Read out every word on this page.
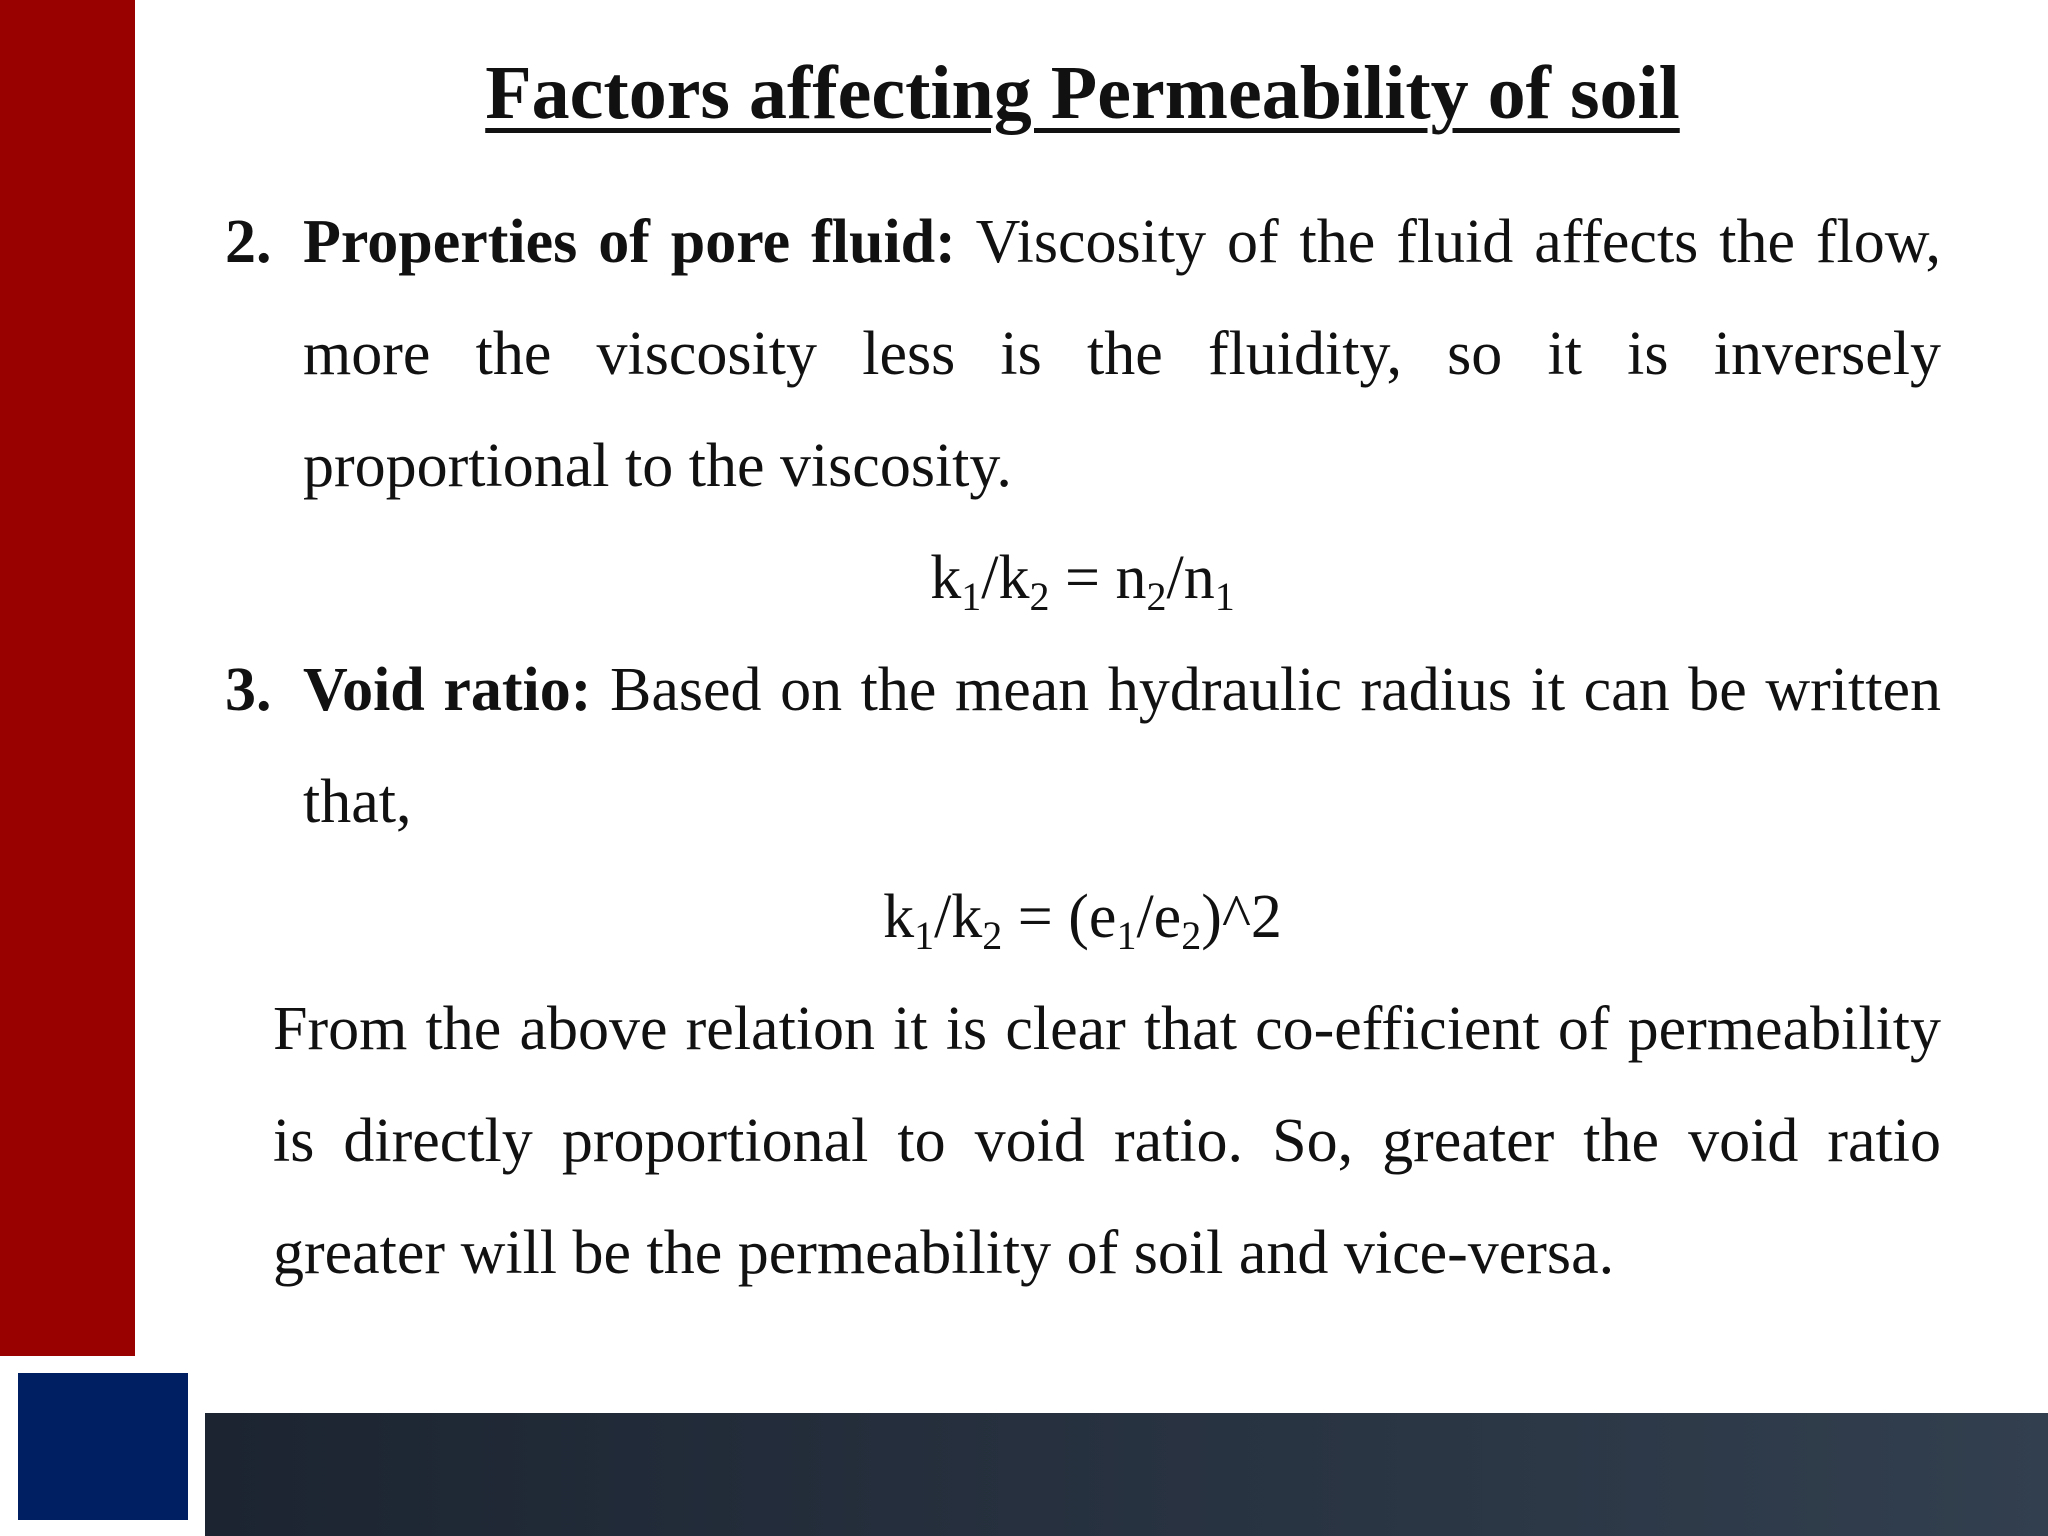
Factors affecting Permeability of soil
2. Properties of pore fluid: Viscosity of the fluid affects the flow, more the viscosity less is the fluidity, so it is inversely proportional to the viscosity.

$k_1/k_2 = n_2/n_1$

3. Void ratio: Based on the mean hydraulic radius it can be written that,

$k_1/k_2$ = $(e_1/e_2)\^{}2$

From the above relation it is clear that co-efficient of permeability is directly proportional to void ratio. So, greater the void ratio greater will be the permeability of soil and vice-versa.
